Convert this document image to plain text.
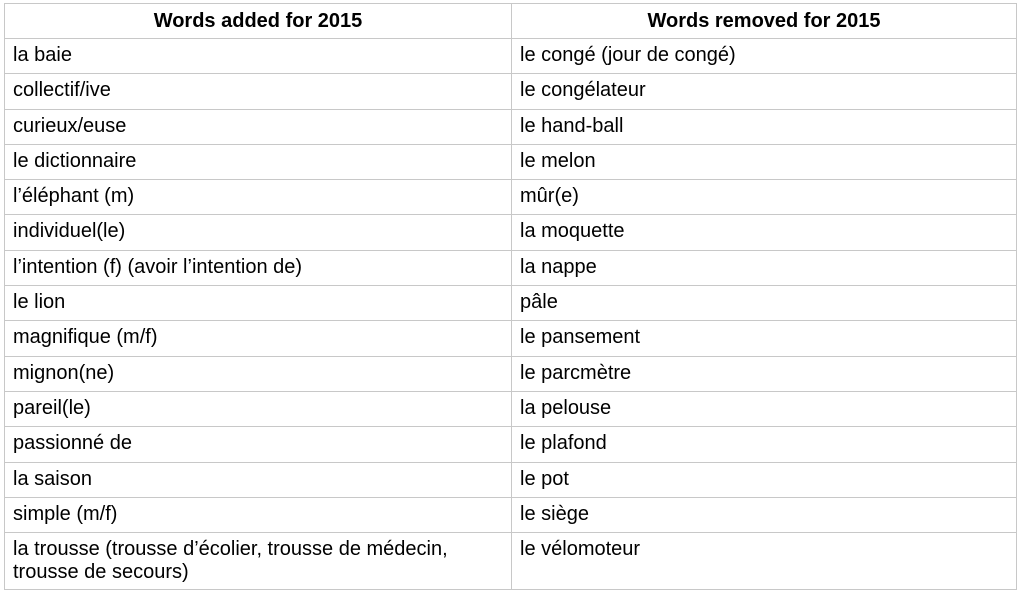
Words added for 2015	Words removed for 2015
la baie	le congé (jour de congé)
collectif/ive	le congélateur
curieux/euse	le hand-ball
le dictionnaire	le melon
l’éléphant (m)	mûr(e)
individuel(le)	la moquette
l’intention (f) (avoir l’intention de)	la nappe
le lion	pâle
magnifique (m/f)	le pansement
mignon(ne)	le parcmètre
pareil(le)	la pelouse
passionné de	le plafond
la saison	le pot
simple (m/f)	le siège
la trousse (trousse d’écolier, trousse de médecin, trousse de secours)	le vélomoteur
